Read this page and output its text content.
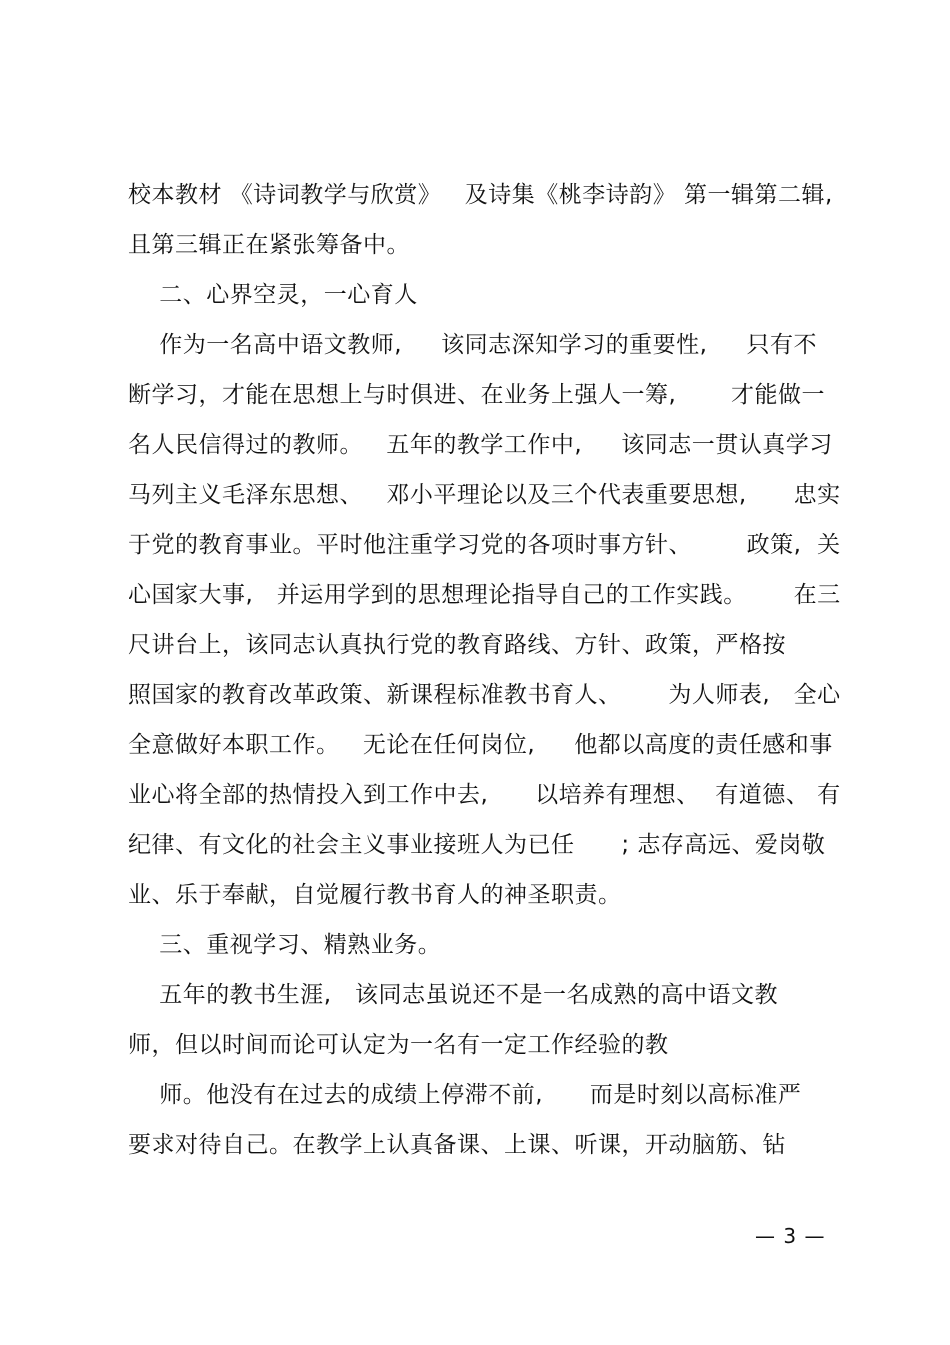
校本教材 《诗词教学与欣赏》   及诗集《桃李诗韵》 第一辑第二辑,
且第三辑正在紧张筹备中。
二、心界空灵，一心育人
作为一名高中语文教师,     该同志深知学习的重要性,     只有不
断学习，才能在思想上与时俱进、在业务上强人一筹,       才能做一
名人民信得过的教师。   五年的教学工作中,     该同志一贯认真学习
马列主义毛泽东思想、   邓小平理论以及三个代表重要思想,      忠实
于党的教育事业。平时他注重学习党的各项时事方针、       政策,  关
心国家大事,   并运用学到的思想理论指导自己的工作实践。      在三
尺讲台上，该同志认真执行党的教育路线、方针、政策，严格按
照国家的教育改革政策、新课程标准教书育人、      为人师表,   全心
全意做好本职工作。   无论在任何岗位,     他都以高度的责任感和事
业心将全部的热情投入到工作中去,      以培养有理想、  有道德、 有
纪律、有文化的社会主义事业接班人为已任      ; 志存高远、爱岗敬
业、乐于奉献，自觉履行教书育人的神圣职责。
三、重视学习、精熟业务。
五年的教书生涯,   该同志虽说还不是一名成熟的高中语文教
师，但以时间而论可认定为一名有一定工作经验的教
师。他没有在过去的成绩上停滞不前,      而是时刻以高标准严
要求对待自己。在教学上认真备课、上课、听课，开动脑筋、钻
— 3 —
